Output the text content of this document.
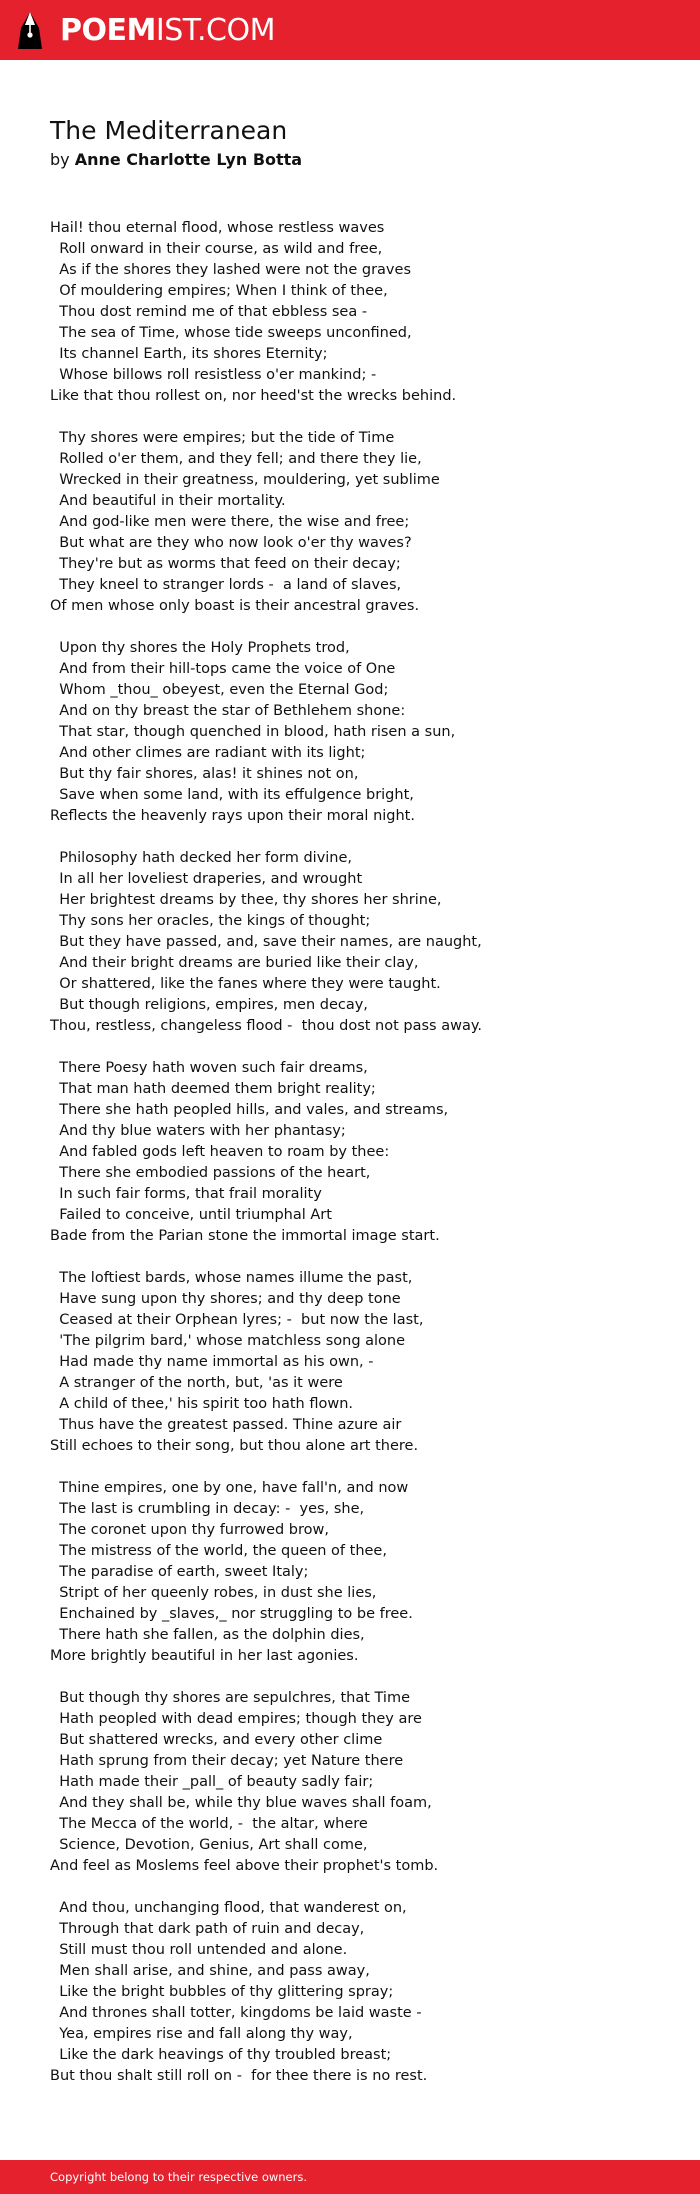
POEMIST.COM
The Mediterranean
by Anne Charlotte Lyn Botta
Hail! thou eternal flood, whose restless waves
Roll onward in their course, as wild and free,
As if the shores they lashed were not the graves
Of mouldering empires; When I think of thee,
Thou dost remind me of that ebbless sea -
The sea of Time, whose tide sweeps unconfined,
Its channel Earth, its shores Eternity;
Whose billows roll resistless o'er mankind; -
Like that thou rollest on, nor heed'st the wrecks behind.
Thy shores were empires; but the tide of Time
Rolled o'er them, and they fell; and there they lie,
Wrecked in their greatness, mouldering, yet sublime
And beautiful in their mortality.
And god-like men were there, the wise and free;
But what are they who now look o'er thy waves?
They're but as worms that feed on their decay;
They kneel to stranger lords -  a land of slaves,
Of men whose only boast is their ancestral graves.
Upon thy shores the Holy Prophets trod,
And from their hill-tops came the voice of One
Whom _thou_ obeyest, even the Eternal God;
And on thy breast the star of Bethlehem shone:
That star, though quenched in blood, hath risen a sun,
And other climes are radiant with its light;
But thy fair shores, alas! it shines not on,
Save when some land, with its effulgence bright,
Reflects the heavenly rays upon their moral night.
Philosophy hath decked her form divine,
In all her loveliest draperies, and wrought
Her brightest dreams by thee, thy shores her shrine,
Thy sons her oracles, the kings of thought;
But they have passed, and, save their names, are naught,
And their bright dreams are buried like their clay,
Or shattered, like the fanes where they were taught.
But though religions, empires, men decay,
Thou, restless, changeless flood -  thou dost not pass away.
There Poesy hath woven such fair dreams,
That man hath deemed them bright reality;
There she hath peopled hills, and vales, and streams,
And thy blue waters with her phantasy;
And fabled gods left heaven to roam by thee:
There she embodied passions of the heart,
In such fair forms, that frail morality
Failed to conceive, until triumphal Art
Bade from the Parian stone the immortal image start.
The loftiest bards, whose names illume the past,
Have sung upon thy shores; and thy deep tone
Ceased at their Orphean lyres; -  but now the last,
'The pilgrim bard,' whose matchless song alone
Had made thy name immortal as his own, -
A stranger of the north, but, 'as it were
A child of thee,' his spirit too hath flown.
Thus have the greatest passed. Thine azure air
Still echoes to their song, but thou alone art there.
Thine empires, one by one, have fall'n, and now
The last is crumbling in decay: -  yes, she,
The coronet upon thy furrowed brow,
The mistress of the world, the queen of thee,
The paradise of earth, sweet Italy;
Stript of her queenly robes, in dust she lies,
Enchained by _slaves,_ nor struggling to be free.
There hath she fallen, as the dolphin dies,
More brightly beautiful in her last agonies.
But though thy shores are sepulchres, that Time
Hath peopled with dead empires; though they are
But shattered wrecks, and every other clime
Hath sprung from their decay; yet Nature there
Hath made their _pall_ of beauty sadly fair;
And they shall be, while thy blue waves shall foam,
The Mecca of the world, -  the altar, where
Science, Devotion, Genius, Art shall come,
And feel as Moslems feel above their prophet's tomb.
And thou, unchanging flood, that wanderest on,
Through that dark path of ruin and decay,
Still must thou roll untended and alone.
Men shall arise, and shine, and pass away,
Like the bright bubbles of thy glittering spray;
And thrones shall totter, kingdoms be laid waste -
Yea, empires rise and fall along thy way,
Like the dark heavings of thy troubled breast;
But thou shalt still roll on -  for thee there is no rest.
Copyright belong to their respective owners.
